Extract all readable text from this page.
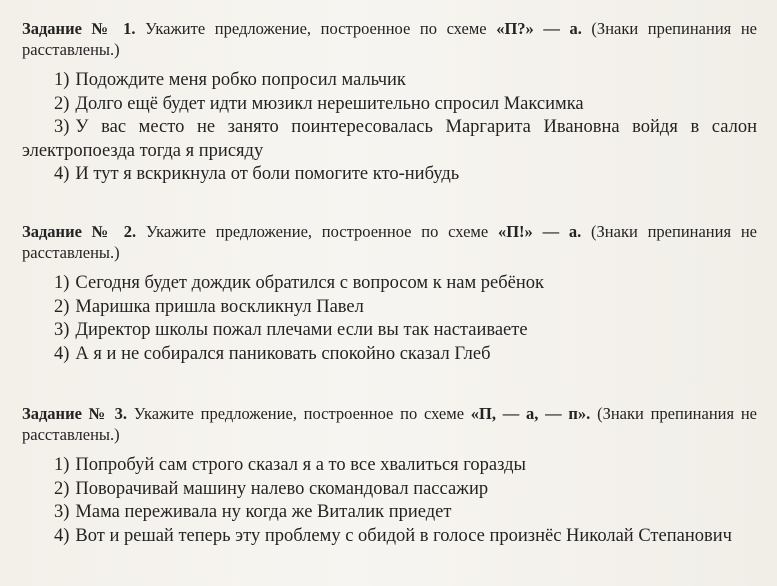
Задание № 1. Укажите предложение, построенное по схеме «П?» — а. (Знаки препинания не расставлены.)

1) Подождите меня робко попросил мальчик

2) Долго ещё будет идти мюзикл нерешительно спросил Максимка

3) У вас место не занято поинтересовалась Маргарита Ивановна войдя в салон электропоезда тогда я присяду

4) И тут я вскрикнула от боли помогите кто-нибудь

Задание № 2. Укажите предложение, построенное по схеме «П!» — а. (Знаки препинания не расставлены.)

1) Сегодня будет дождик обратился с вопросом к нам ребёнок

2) Маришка пришла воскликнул Павел

3) Директор школы пожал плечами если вы так настаиваете

4) А я и не собирался паниковать спокойно сказал Глеб

Задание № 3. Укажите предложение, построенное по схеме «П, — а, — п». (Знаки препинания не расставлены.)

1) Попробуй сам строго сказал я а то все хвалиться горазды

2) Поворачивай машину налево скомандовал пассажир

3) Мама переживала ну когда же Виталик приедет

4) Вот и решай теперь эту проблему с обидой в голосе произнёс Николай Степанович
